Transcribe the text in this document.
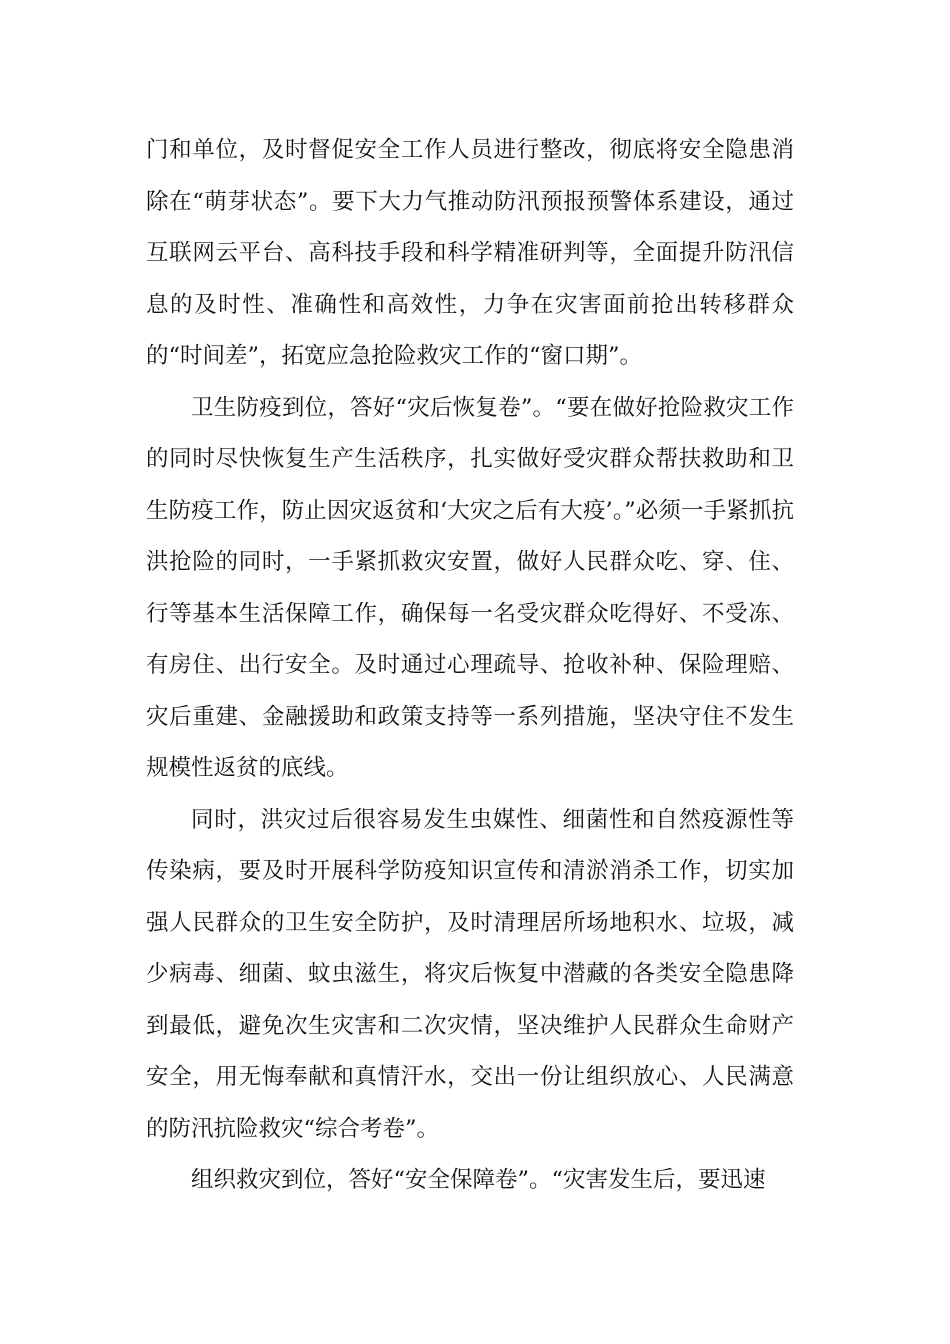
门和单位，及时督促安全工作人员进行整改，彻底将安全隐患消除在“萌芽状态”。要下大力气推动防汛预报预警体系建设，通过互联网云平台、高科技手段和科学精准研判等，全面提升防汛信息的及时性、准确性和高效性，力争在灾害面前抢出转移群众的“时间差”，拓宽应急抢险救灾工作的“窗口期”。

卫生防疫到位，答好“灾后恢复卷”。“要在做好抢险救灾工作的同时尽快恢复生产生活秩序，扎实做好受灾群众帮扶救助和卫生防疫工作，防止因灾返贫和‘大灾之后有大疫’。”必须一手紧抓抗洪抢险的同时，一手紧抓救灾安置，做好人民群众吃、穿、住、行等基本生活保障工作，确保每一名受灾群众吃得好、不受冻、有房住、出行安全。及时通过心理疏导、抢收补种、保险理赔、灾后重建、金融援助和政策支持等一系列措施，坚决守住不发生规模性返贫的底线。

同时，洪灾过后很容易发生虫媒性、细菌性和自然疫源性等传染病，要及时开展科学防疫知识宣传和清淤消杀工作，切实加强人民群众的卫生安全防护，及时清理居所场地积水、垃圾，减少病毒、细菌、蚊虫滋生，将灾后恢复中潜藏的各类安全隐患降到最低，避免次生灾害和二次灾情，坚决维护人民群众生命财产安全，用无悔奉献和真情汗水，交出一份让组织放心、人民满意的防汛抗险救灾“综合考卷”。

组织救灾到位，答好“安全保障卷”。“灾害发生后，要迅速
